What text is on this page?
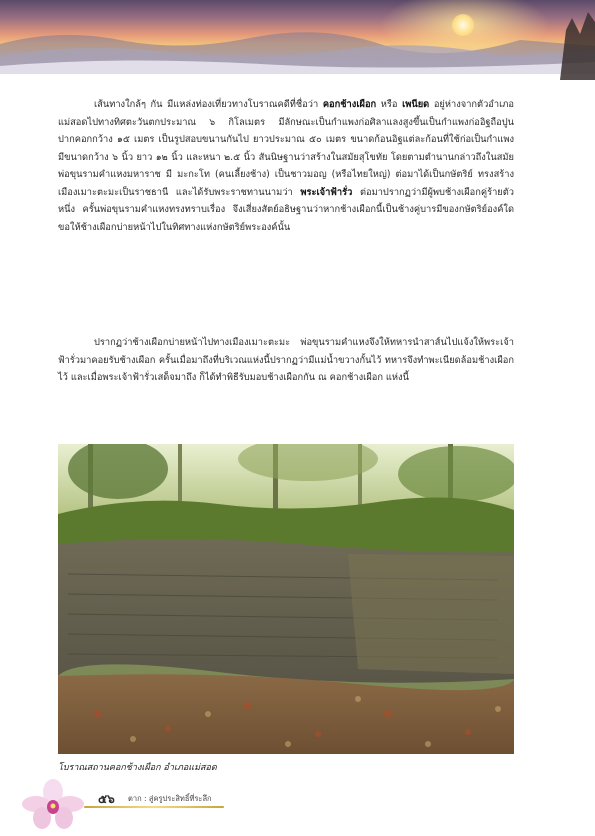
เส้นทางใกล้ๆ กัน มีแหล่งท่องเที่ยวทางโบราณคดีที่ชื่อว่า คอกช้างเผือก หรือ เพนียด อยู่ห่างจากตัวอำเภอแม่สอดไปทางทิศตะวันตกประมาณ ๖ กิโลเมตร มีลักษณะเป็นกำแพงก่อศิลาแลงสูงขึ้นเป็นกำแพงก่ออิฐถือปูน ปากคอกกว้าง ๑๕ เมตร เป็นรูปสอบขนานกันไป ยาวประมาณ ๕๐ เมตร ขนาดก้อนอิฐแต่ละก้อนที่ใช้ก่อเป็นกำแพง มีขนาดกว้าง ๖ นิ้ว ยาว ๑๒ นิ้ว และหนา ๒.๕ นิ้ว สันนิษฐานว่าสร้างในสมัยสุโขทัย โดยตามตำนานกล่าวถึงในสมัยพ่อขุนรามคำแหงมหาราช มี มะกะโท (คนเลี้ยงช้าง) เป็นชาวมอญ (หรือไทยใหญ่) ต่อมาได้เป็นกษัตริย์ ทรงสร้างเมืองเมาะตะมะเป็นราชธานี และได้รับพระราชทานนามว่า พระเจ้าฟ้ารั่ว ต่อมาปรากฏว่ามีผู้พบช้างเผือกคู่ร้ายตัวหนึ่ง ครั้นพ่อขุนรามคำแหงทรงทราบเรื่อง จึงเสี่ยงสัตย์อธิษฐานว่าหากช้างเผือกนี้เป็นช้างคู่บารมีของกษัตริย์องค์ใด ขอให้ช้างเผือกบ่ายหน้าไปในทิศทางแห่งกษัตริย์พระองค์นั้น
ปรากฏว่าช้างเผือกบ่ายหน้าไปทางเมืองเมาะตะมะ พ่อขุนรามคำแหงจึงให้ทหารนำสาส์นไปแจ้งให้พระเจ้าฟ้ารั่วมาคอยรับช้างเผือก ครั้นเมื่อมาถึงที่บริเวณแห่งนี้ปรากฏว่ามีแม่น้ำขวางกั้นไว้ ทหารจึงทำพะเนียดล้อมช้างเผือกไว้ และเมื่อพระเจ้าฟ้ารั่วเสด็จมาถึง ก็ได้ทำพิธีรับมอบช้างเผือกกัน ณ คอกช้างเผือก แห่งนี้
โบราณสถานคอกช้างเผือก อำเภอแม่สอด
๕๖ ตาก : สู่ครูประสิทธิ์ที่ระลึก
